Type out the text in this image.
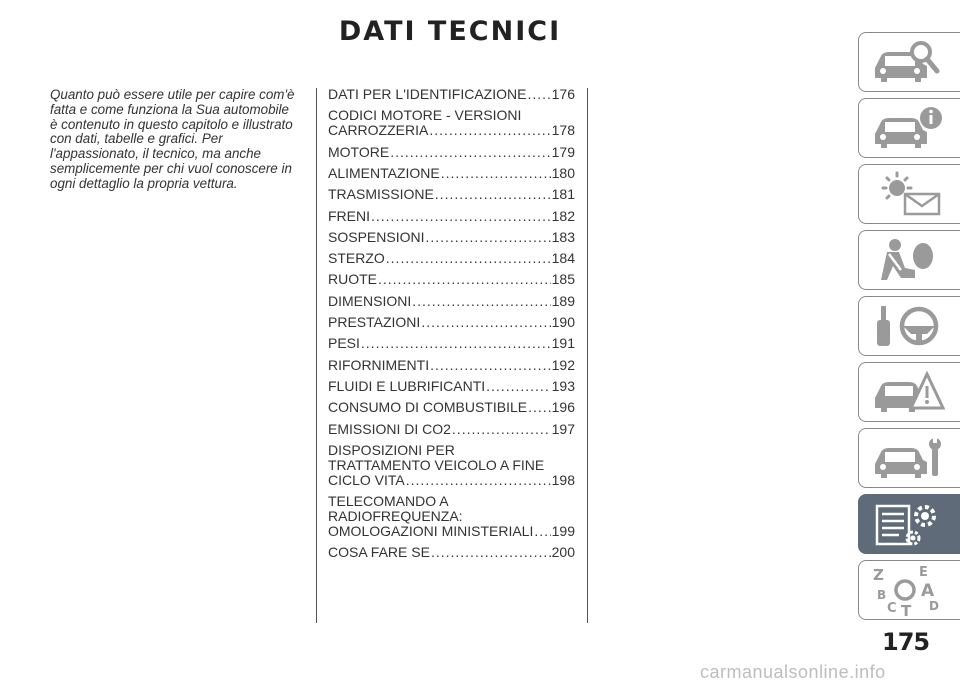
DATI TECNICI

Quanto può essere utile per capire com'è fatta e come funziona la Sua automobile è contenuto in questo capitolo e illustrato con dati, tabelle e grafici. Per l'appassionato, il tecnico, ma anche semplicemente per chi vuol conoscere in ogni dettaglio la propria vettura.

DATI PER L'IDENTIFICAZIONE ..... 176
CODICI MOTORE - VERSIONI
CARROZZERIA .....	178
MOTORE .....	179
ALIMENTAZIONE .....	180
TRASMISSIONE .....	181
FRENI .....	182
SOSPENSIONI .....	183
STERZO .....	184
RUOTE .....	185
DIMENSIONI .....	189
PRESTAZIONI .....	190
PESI .....	191
RIFORNIMENTI .....	192
FLUIDI E LUBRIFICANTI .....	193
CONSUMO DI COMBUSTIBILE ..... 196
EMISSIONI DI CO2 .....	197
DISPOSIZIONI PER
TRATTAMENTO VEICOLO A FINE
CICLO VITA .....	198
TELECOMANDO A
RADIOFREQUENZA:
OMOLOGAZIONI MINISTERIALI ..... 199
COSA FARE SE .....	200
Z	E
A
B
D
C T
175
carmanualsonline.info
